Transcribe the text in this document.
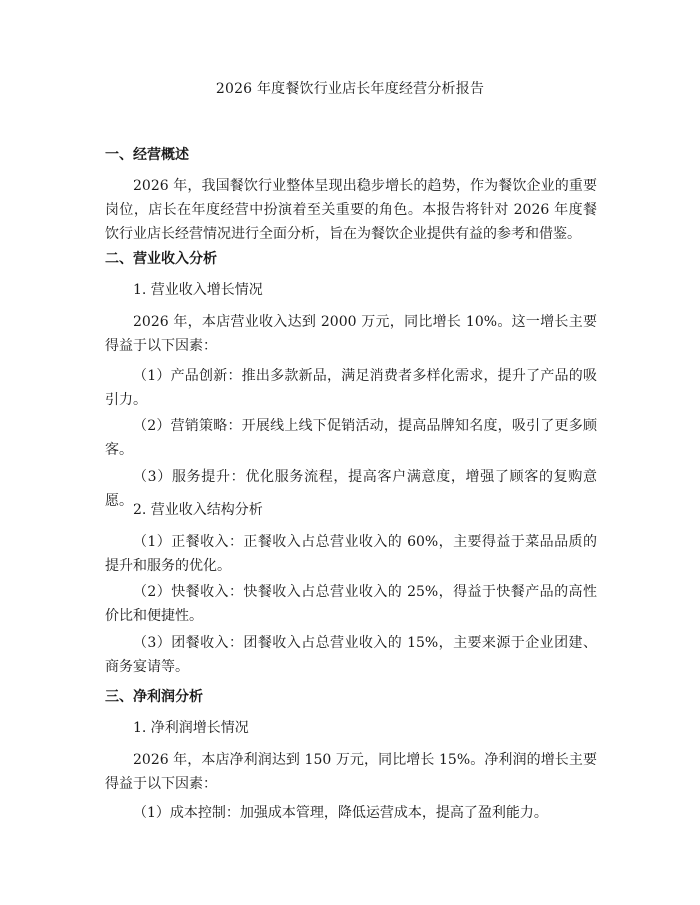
2026 年度餐饮行业店长年度经营分析报告
一、经营概述
2026 年，我国餐饮行业整体呈现出稳步增长的趋势，作为餐饮企业的重要岗位，店长在年度经营中扮演着至关重要的角色。本报告将针对 2026 年度餐饮行业店长经营情况进行全面分析，旨在为餐饮企业提供有益的参考和借鉴。
二、营业收入分析
1. 营业收入增长情况
2026 年，本店营业收入达到 2000 万元，同比增长 10%。这一增长主要得益于以下因素：
（1）产品创新：推出多款新品，满足消费者多样化需求，提升了产品的吸引力。
（2）营销策略：开展线上线下促销活动，提高品牌知名度，吸引了更多顾客。
（3）服务提升：优化服务流程，提高客户满意度，增强了顾客的复购意愿。
2. 营业收入结构分析
（1）正餐收入：正餐收入占总营业收入的 60%，主要得益于菜品品质的提升和服务的优化。
（2）快餐收入：快餐收入占总营业收入的 25%，得益于快餐产品的高性价比和便捷性。
（3）团餐收入：团餐收入占总营业收入的 15%，主要来源于企业团建、商务宴请等。
三、净利润分析
1. 净利润增长情况
2026 年，本店净利润达到 150 万元，同比增长 15%。净利润的增长主要得益于以下因素：
（1）成本控制：加强成本管理，降低运营成本，提高了盈利能力。
